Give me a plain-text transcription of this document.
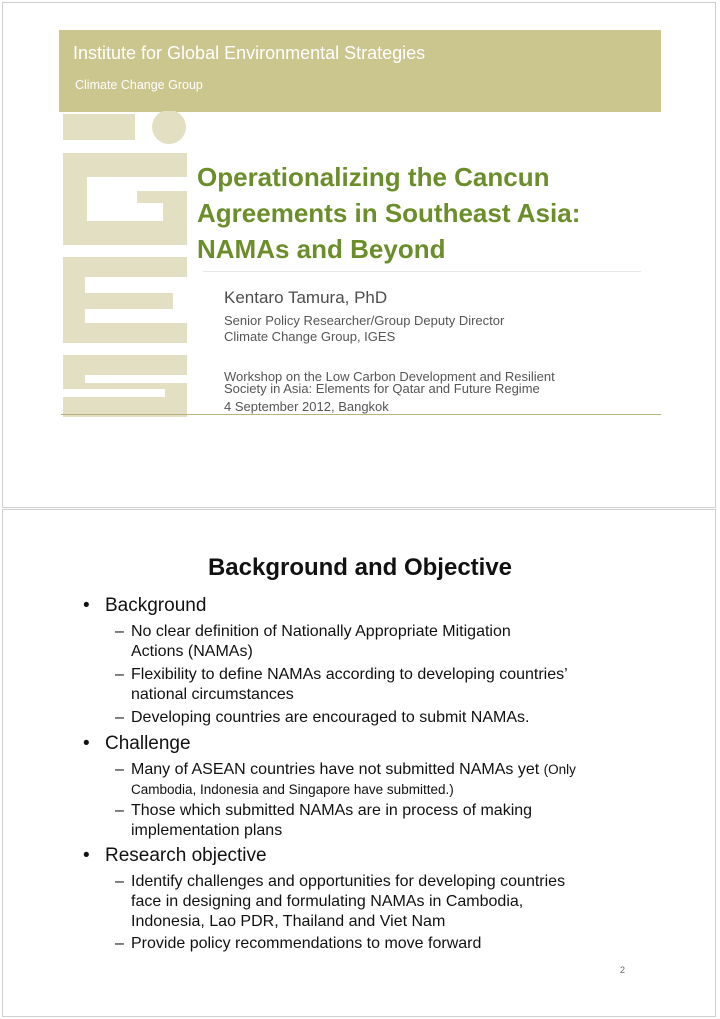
Institute for Global Environmental Strategies
Climate Change Group
IGES
Operationalizing the Cancun
Agreements in Southeast Asia:
NAMAs and Beyond
Kentaro Tamura, PhD
Senior Policy Researcher/Group Deputy Director
Climate Change Group, IGES
Workshop on the Low Carbon Development and Resilient
Society in Asia: Elements for Qatar and Future Regime
4 September 2012, Bangkok
Background and Objective
• Background
– No clear definition of Nationally Appropriate Mitigation
Actions (NAMAs)
– Flexibility to define NAMAs according to developing countries’
national circumstances
– Developing countries are encouraged to submit NAMAs.
• Challenge
– Many of ASEAN countries have not submitted NAMAs yet (Only
Cambodia, Indonesia and Singapore have submitted.)
– Those which submitted NAMAs are in process of making
implementation plans
• Research objective
– Identify challenges and opportunities for developing countries
face in designing and formulating NAMAs in Cambodia,
Indonesia, Lao PDR, Thailand and Viet Nam
– Provide policy recommendations to move forward
2
